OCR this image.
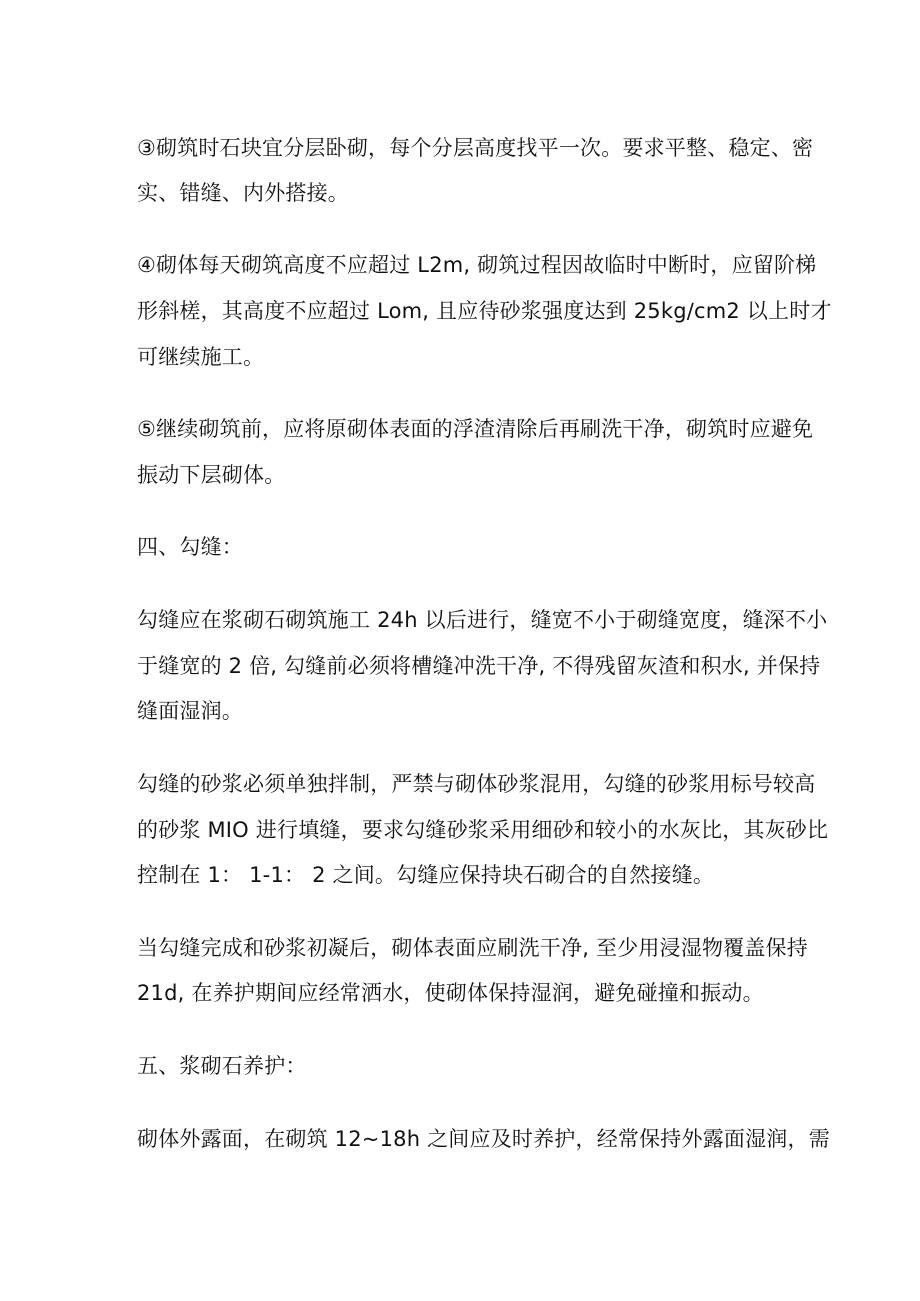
③砌筑时石块宜分层卧砌，每个分层高度找平一次。要求平整、稳定、密
实、错缝、内外搭接。
④砌体每天砌筑高度不应超过 L2m, 砌筑过程因故临时中断时，应留阶梯
形斜槎，其高度不应超过 Lom, 且应待砂浆强度达到 25kg∕cm2 以上时才
可继续施工。
⑤继续砌筑前，应将原砌体表面的浮渣清除后再刷洗干净，砌筑时应避免
振动下层砌体。
四、勾缝：
勾缝应在浆砌石砌筑施工 24h 以后进行，缝宽不小于砌缝宽度，缝深不小
于缝宽的 2 倍, 勾缝前必须将槽缝冲洗干净, 不得残留灰渣和积水, 并保持
缝面湿润。
勾缝的砂浆必须单独拌制，严禁与砌体砂浆混用，勾缝的砂浆用标号较高
的砂浆 MIO 进行填缝，要求勾缝砂浆采用细砂和较小的水灰比，其灰砂比
控制在 1： 1-1： 2 之间。勾缝应保持块石砌合的自然接缝。
当勾缝完成和砂浆初凝后，砌体表面应刷洗干净, 至少用浸湿物覆盖保持
21d, 在养护期间应经常洒水，使砌体保持湿润，避免碰撞和振动。
五、浆砌石养护：
砌体外露面，在砌筑 12~18h 之间应及时养护，经常保持外露面湿润，需
